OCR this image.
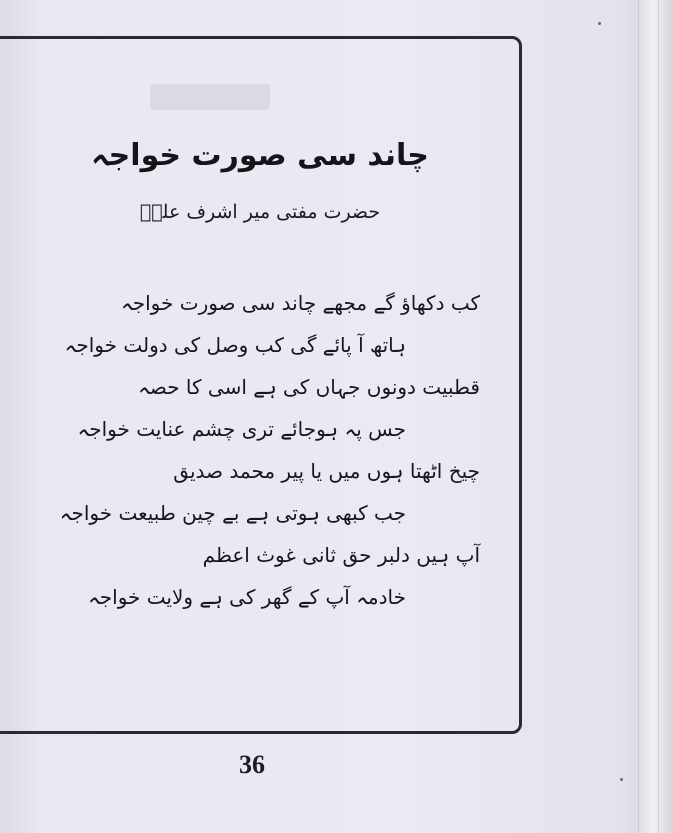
چاند سی صورت خواجہ
حضرت مفتی میر اشرف علیؒ
کب دکھاؤ گے مجھے چاند سی صورت خواجہ
ہاتھ آ پائے گی کب وصل کی دولت خواجہ
قطبیت دونوں جہاں کی ہے اسی کا حصہ
جس پہ ہوجائے تری چشم عنایت خواجہ
چیخ اٹھتا ہوں میں یا پیر محمد صدیق
جب کبھی ہوتی ہے بے چین طبیعت خواجہ
آپ ہیں دلبر حق ثانی غوث اعظم
خادمہ آپ کے گھر کی ہے ولایت خواجہ
36
